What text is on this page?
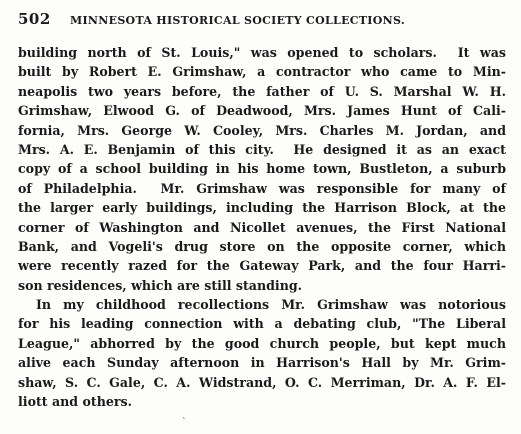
502	MINNESOTA HISTORICAL SOCIETY COLLECTIONS.
building north of St. Louis," was opened to scholars.  It was
built by Robert E. Grimshaw, a contractor who came to Min-
neapolis two years before, the father of U. S. Marshal W. H.
Grimshaw, Elwood G. of Deadwood, Mrs. James Hunt of Cali-
fornia, Mrs. George W. Cooley, Mrs. Charles M. Jordan, and
Mrs. A. E. Benjamin of this city.  He designed it as an exact
copy of a school building in his home town, Bustleton, a suburb
of Philadelphia.  Mr. Grimshaw was responsible for many of
the larger early buildings, including the Harrison Block, at the
corner of Washington and Nicollet avenues, the First National
Bank, and Vogeli's drug store on the opposite corner, which
were recently razed for the Gateway Park, and the four Harri-
son residences, which are still standing.
In my childhood recollections Mr. Grimshaw was notorious
for his leading connection with a debating club, "The Liberal
League," abhorred by the good church people, but kept much
alive each Sunday afternoon in Harrison's Hall by Mr. Grim-
shaw, S. C. Gale, C. A. Widstrand, O. C. Merriman, Dr. A. F. El-
liott and others.
`
